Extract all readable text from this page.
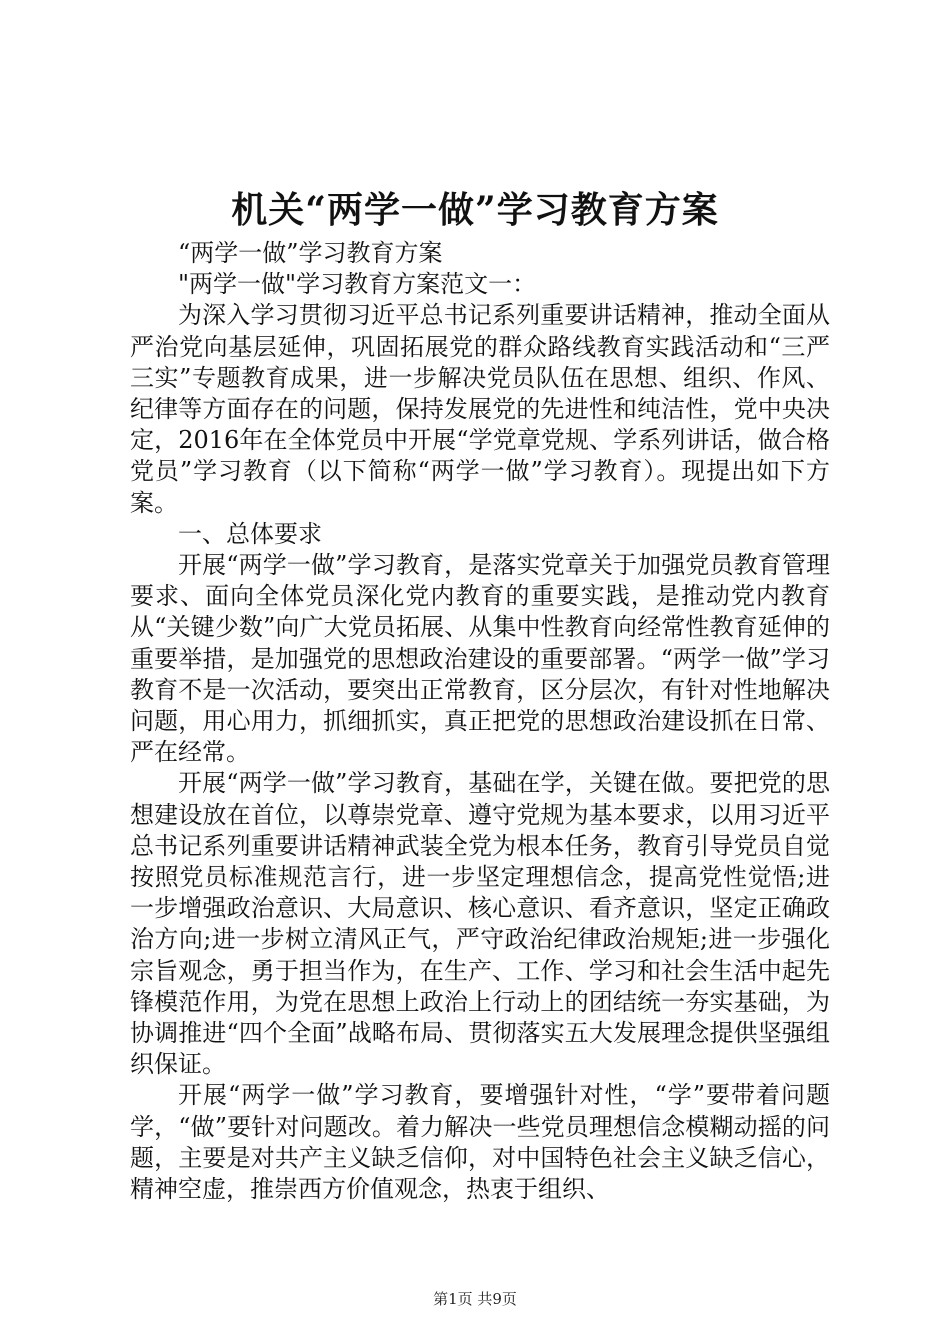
机关“两学一做”学习教育方案

“两学一做”学习教育方案

"两学一做"学习教育方案范文一：

为深入学习贯彻习近平总书记系列重要讲话精神，推动全面从严治党向基层延伸，巩固拓展党的群众路线教育实践活动和“三严三实”专题教育成果，进一步解决党员队伍在思想、组织、作风、纪律等方面存在的问题，保持发展党的先进性和纯洁性，党中央决定，2016年在全体党员中开展“学党章党规、学系列讲话，做合格党员”学习教育（以下简称“两学一做”学习教育）。现提出如下方案。

一、总体要求

开展“两学一做”学习教育，是落实党章关于加强党员教育管理要求、面向全体党员深化党内教育的重要实践，是推动党内教育从“关键少数”向广大党员拓展、从集中性教育向经常性教育延伸的重要举措，是加强党的思想政治建设的重要部署。“两学一做”学习教育不是一次活动，要突出正常教育，区分层次，有针对性地解决问题，用心用力，抓细抓实，真正把党的思想政治建设抓在日常、严在经常。

开展“两学一做”学习教育，基础在学，关键在做。要把党的思想建设放在首位，以尊崇党章、遵守党规为基本要求，以用习近平总书记系列重要讲话精神武装全党为根本任务，教育引导党员自觉按照党员标准规范言行，进一步坚定理想信念，提高党性觉悟;进一步增强政治意识、大局意识、核心意识、看齐意识，坚定正确政治方向;进一步树立清风正气，严守政治纪律政治规矩;进一步强化宗旨观念，勇于担当作为，在生产、工作、学习和社会生活中起先锋模范作用，为党在思想上政治上行动上的团结统一夯实基础，为协调推进“四个全面”战略布局、贯彻落实五大发展理念提供坚强组织保证。

开展“两学一做”学习教育，要增强针对性，“学”要带着问题学，“做”要针对问题改。着力解决一些党员理想信念模糊动摇的问题，主要是对共产主义缺乏信仰，对中国特色社会主义缺乏信心，精神空虚，推崇西方价值观念，热衷于组织、

第1页 共9页
